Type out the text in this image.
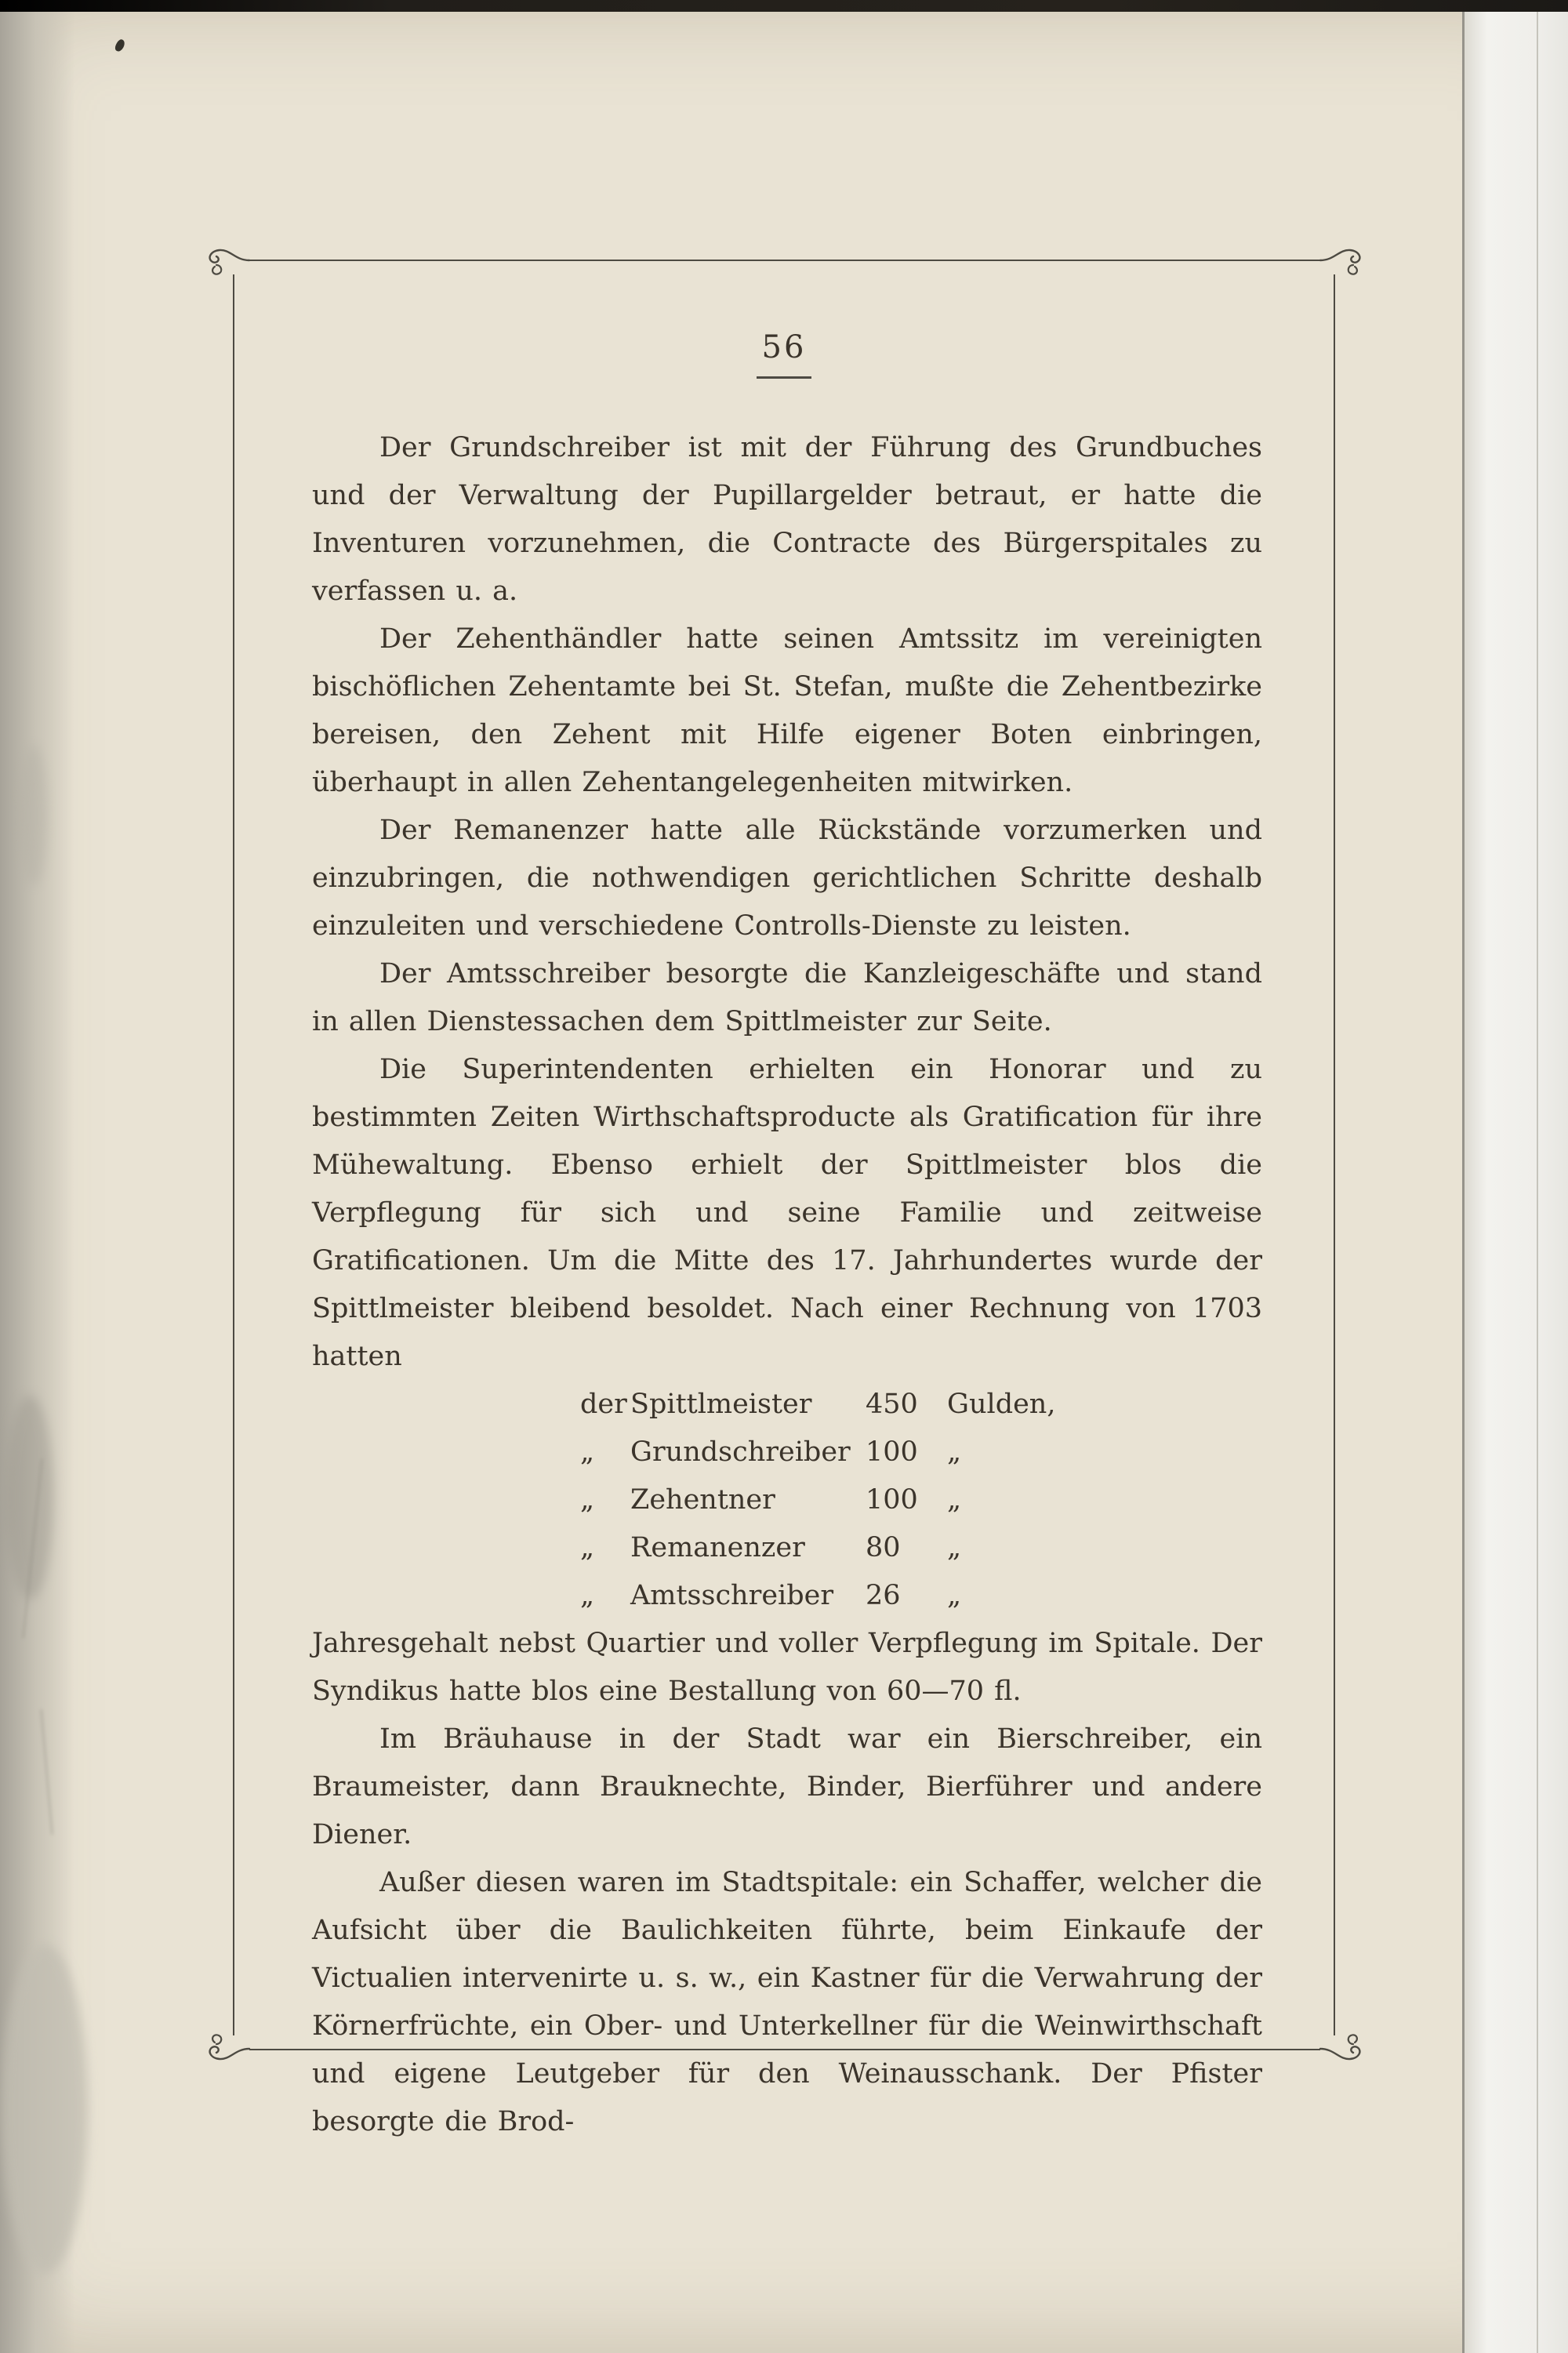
56

Der Grundschreiber ist mit der Führung des Grundbuches und der Verwaltung der Pupillargelder betraut, er hatte die Inventuren vorzunehmen, die Contracte des Bürgerspitales zu verfassen u. a.

Der Zehenthändler hatte seinen Amtssitz im vereinigten bischöflichen Zehentamte bei St. Stefan, mußte die Zehentbezirke bereisen, den Zehent mit Hilfe eigener Boten einbringen, überhaupt in allen Zehentangelegenheiten mitwirken.

Der Remanenzer hatte alle Rückstände vorzumerken und einzubringen, die nothwendigen gerichtlichen Schritte deshalb einzuleiten und verschiedene Controlls-Dienste zu leisten.

Der Amtsschreiber besorgte die Kanzleigeschäfte und stand in allen Dienstessachen dem Spittlmeister zur Seite.

Die Superintendenten erhielten ein Honorar und zu bestimmten Zeiten Wirthschaftsproducte als Gratification für ihre Mühewaltung. Ebenso erhielt der Spittlmeister blos die Verpflegung für sich und seine Familie und zeitweise Gratificationen. Um die Mitte des 17. Jahrhundertes wurde der Spittlmeister bleibend besoldet. Nach einer Rechnung von 1703 hatten

der Spittlmeister	450	Gulden,
„	Grundschreiber 100	„
„	Zehentner	100	„
„	Remanenzer	80	„
„	Amtsschreiber	26	„

Jahresgehalt nebst Quartier und voller Verpflegung im Spitale. Der Syndikus hatte blos eine Bestallung von 60—70 fl.

Im Bräuhause in der Stadt war ein Bierschreiber, ein Braumeister, dann Brauknechte, Binder, Bierführer und andere Diener.

Außer diesen waren im Stadtspitale: ein Schaffer, welcher die Aufsicht über die Baulichkeiten führte, beim Einkaufe der Victualien intervenirte u. s. w., ein Kastner für die Verwahrung der Körnerfrüchte, ein Ober- und Unterkellner für die Weinwirthschaft und eigene Leutgeber für den Weinausschank. Der Pfister besorgte die Brod-
